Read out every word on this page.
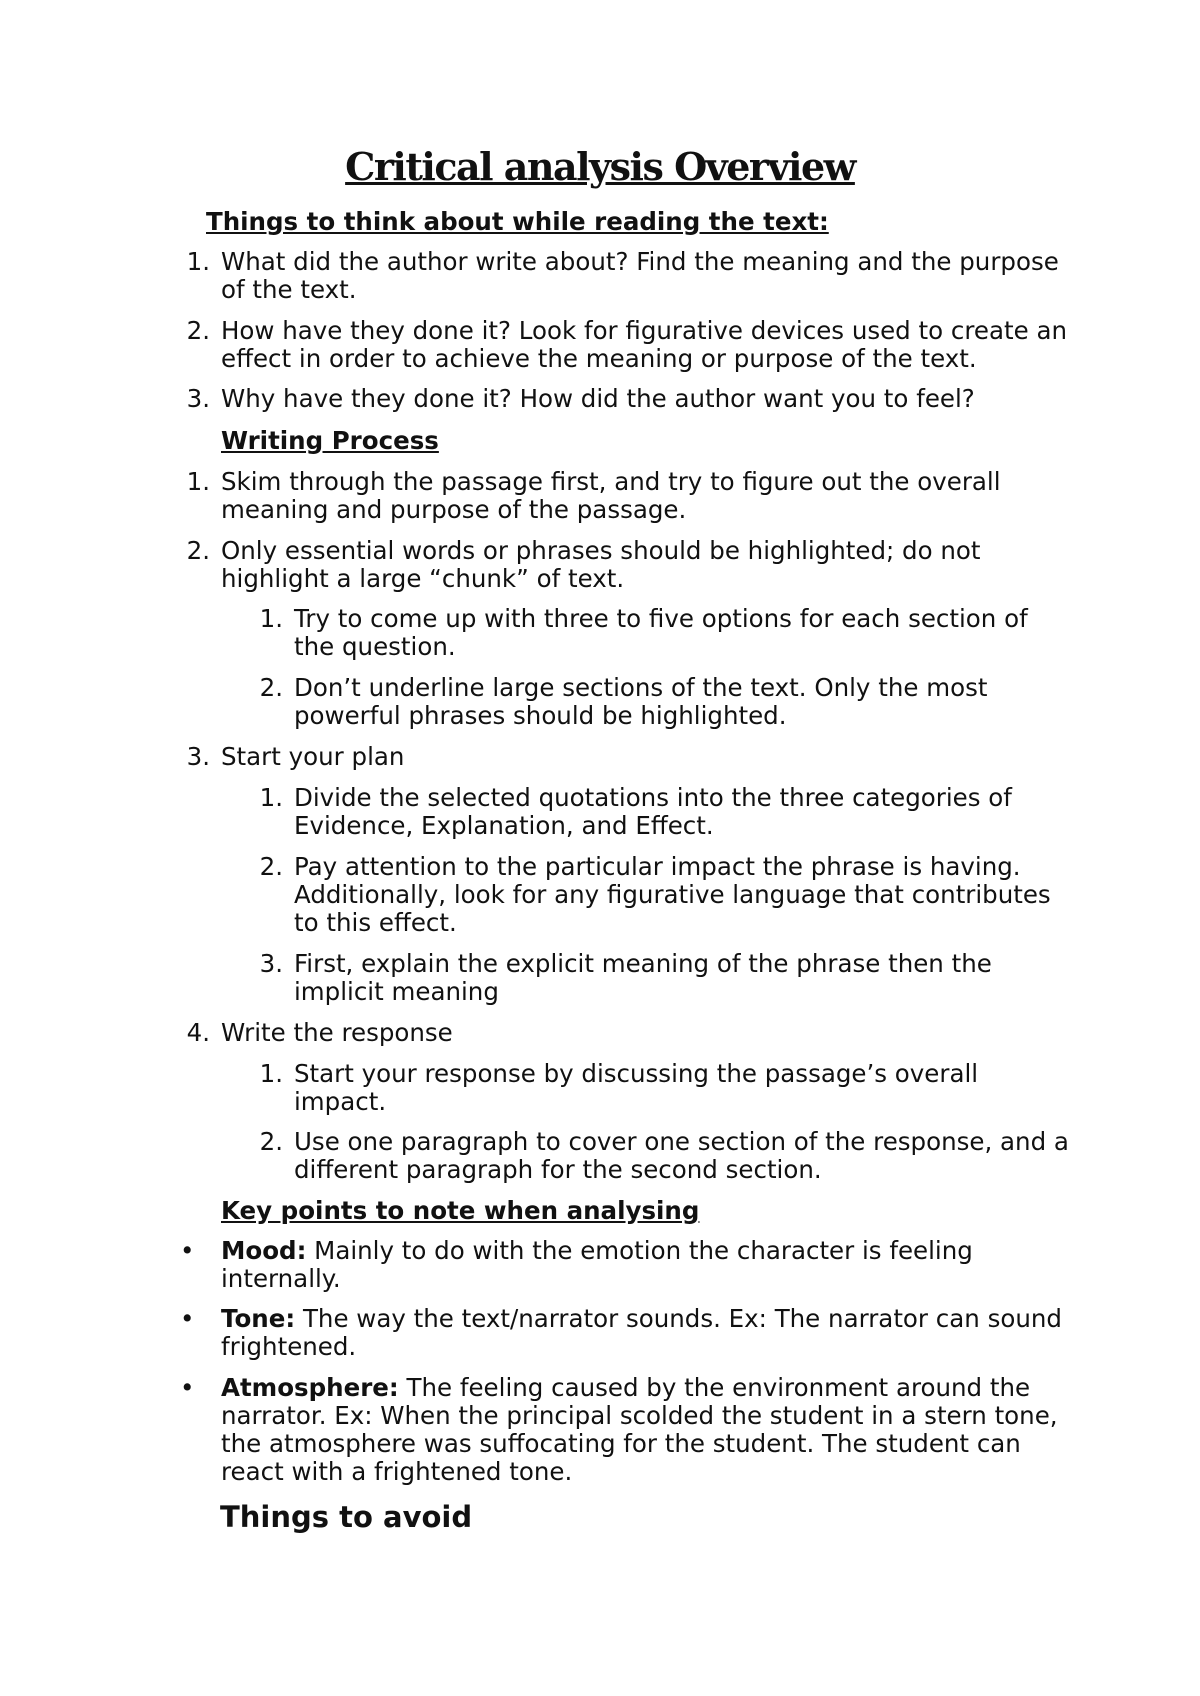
Critical analysis Overview
Things to think about while reading the text:
1. What did the author write about? Find the meaning and the purpose of the text.
2. How have they done it? Look for figurative devices used to create an effect in order to achieve the meaning or purpose of the text.
3. Why have they done it? How did the author want you to feel?
Writing Process
1. Skim through the passage first, and try to figure out the overall meaning and purpose of the passage.
2. Only essential words or phrases should be highlighted; do not highlight a large “chunk” of text.
1. Try to come up with three to five options for each section of the question.
2. Don’t underline large sections of the text. Only the most powerful phrases should be highlighted.
3. Start your plan
1. Divide the selected quotations into the three categories of Evidence, Explanation, and Effect.
2. Pay attention to the particular impact the phrase is having. Additionally, look for any figurative language that contributes to this effect.
3. First, explain the explicit meaning of the phrase then the implicit meaning
4. Write the response
1. Start your response by discussing the passage’s overall impact.
2. Use one paragraph to cover one section of the response, and a different paragraph for the second section.
Key points to note when analysing
• Mood: Mainly to do with the emotion the character is feeling internally.
• Tone: The way the text/narrator sounds. Ex: The narrator can sound frightened.
• Atmosphere: The feeling caused by the environment around the narrator. Ex: When the principal scolded the student in a stern tone, the atmosphere was suffocating for the student. The student can react with a frightened tone.
Things to avoid
